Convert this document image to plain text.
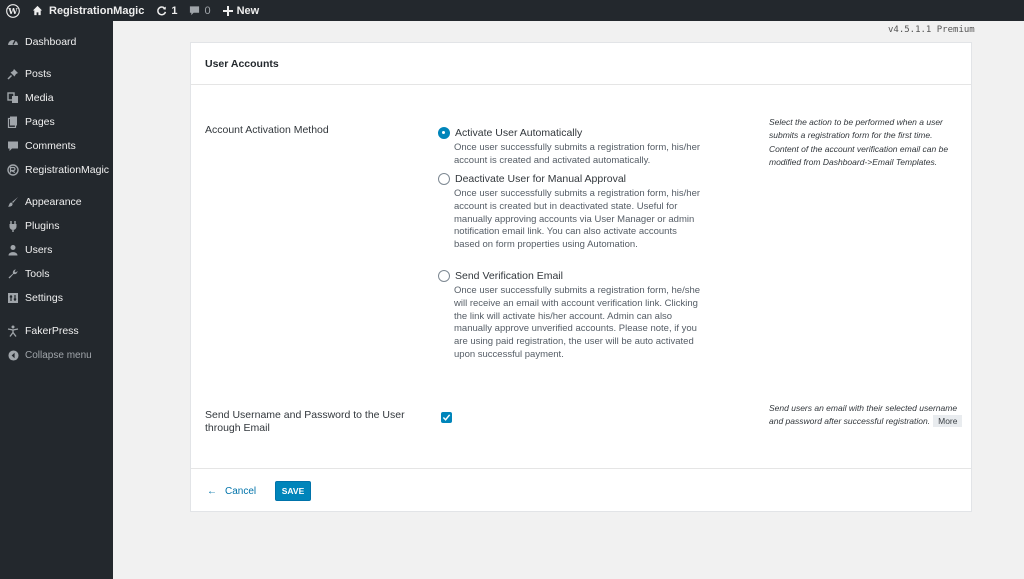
W	RegistrationMagic 1 0 New
Dashboard
Posts
Media
Pages
Comments
RegistrationMagic
Appearance
Plugins
Users
Tools
Settings
FakerPress
Collapse menu
v4.5.1.1 Premium
User Accounts
Account Activation Method	Activate User Automatically
Once user successfully submits a registration form, his/her account is created and activated automatically.
Deactivate User for Manual Approval
Once user successfully submits a registration form, his/her account is created but in deactivated state. Useful for manually approving accounts via User Manager or admin notification email link. You can also activate accounts based on form properties using Automation.
Send Verification Email
Once user successfully submits a registration form, he/she will receive an email with account verification link. Clicking the link will activate his/her account. Admin can also manually approve unverified accounts. Please note, if you are using paid registration, the user will be auto activated upon successful payment.
Select the action to be performed when a user submits a registration form for the first time. Content of the account verification email can be modified from Dashboard->Email Templates.
Send Username and Password to the User through Email
Send users an email with their selected username and password after successful registration. More
← Cancel	SAVE
